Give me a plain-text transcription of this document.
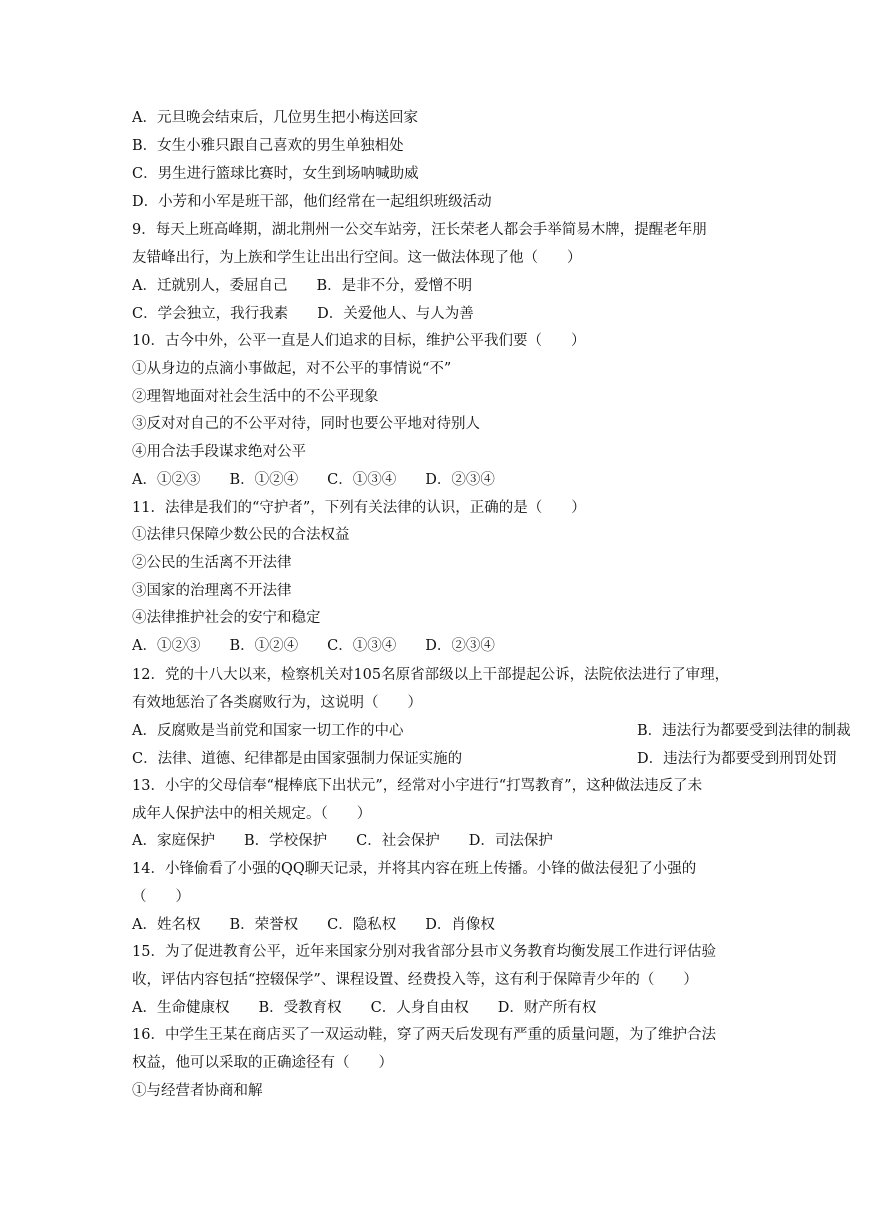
A．元旦晚会结束后，几位男生把小梅送回家
B．女生小雅只跟自己喜欢的男生单独相处
C．男生进行篮球比赛时，女生到场呐喊助威
D．小芳和小军是班干部，他们经常在一起组织班级活动
9．每天上班高峰期，湖北荆州一公交车站旁，汪长荣老人都会手举简易木牌，提醒老年朋
友错峰出行，为上族和学生让出出行空间。这一做法体现了他（　　）
A．迁就别人，委屈自己　　B．是非不分，爱憎不明
C．学会独立，我行我素　　D．关爱他人、与人为善
10．古今中外，公平一直是人们追求的目标，维护公平我们要（　　）
①从身边的点滴小事做起，对不公平的事情说“不”
②理智地面对社会生活中的不公平现象
③反对对自己的不公平对待，同时也要公平地对待别人
④用合法手段谋求绝对公平
A．①②③　　B．①②④　　C．①③④　　D．②③④
11．法律是我们的“守护者”，下列有关法律的认识，正确的是（　　）
①法律只保障少数公民的合法权益
②公民的生活离不开法律
③国家的治理离不开法律
④法律推护社会的安宁和稳定
A．①②③　　B．①②④　　C．①③④　　D．②③④
12．党的十八大以来，检察机关对105名原省部级以上干部提起公诉，法院依法进行了审理，
有效地惩治了各类腐败行为，这说明（　　）
A．反腐败是当前党和国家一切工作的中心	B．违法行为都要受到法律的制裁
C．法律、道德、纪律都是由国家强制力保证实施的	D．违法行为都要受到刑罚处罚
13．小宇的父母信奉“棍棒底下出状元”，经常对小宇进行“打骂教育”，这种做法违反了未
成年人保护法中的相关规定。（　　）
A．家庭保护　　B．学校保护　　C．社会保护　　D．司法保护
14．小锋偷看了小强的QQ聊天记录，并将其内容在班上传播。小锋的做法侵犯了小强的
（　　）
A．姓名权　　B．荣誉权　　C．隐私权　　D．肖像权
15．为了促进教育公平，近年来国家分别对我省部分县市义务教育均衡发展工作进行评估验
收，评估内容包括“控辍保学”、课程设置、经费投入等，这有利于保障青少年的（　　）
A．生命健康权　　B．受教育权　　C．人身自由权　　D．财产所有权
16．中学生王某在商店买了一双运动鞋，穿了两天后发现有严重的质量问题，为了维护合法
权益，他可以采取的正确途径有（　　）
①与经营者协商和解
